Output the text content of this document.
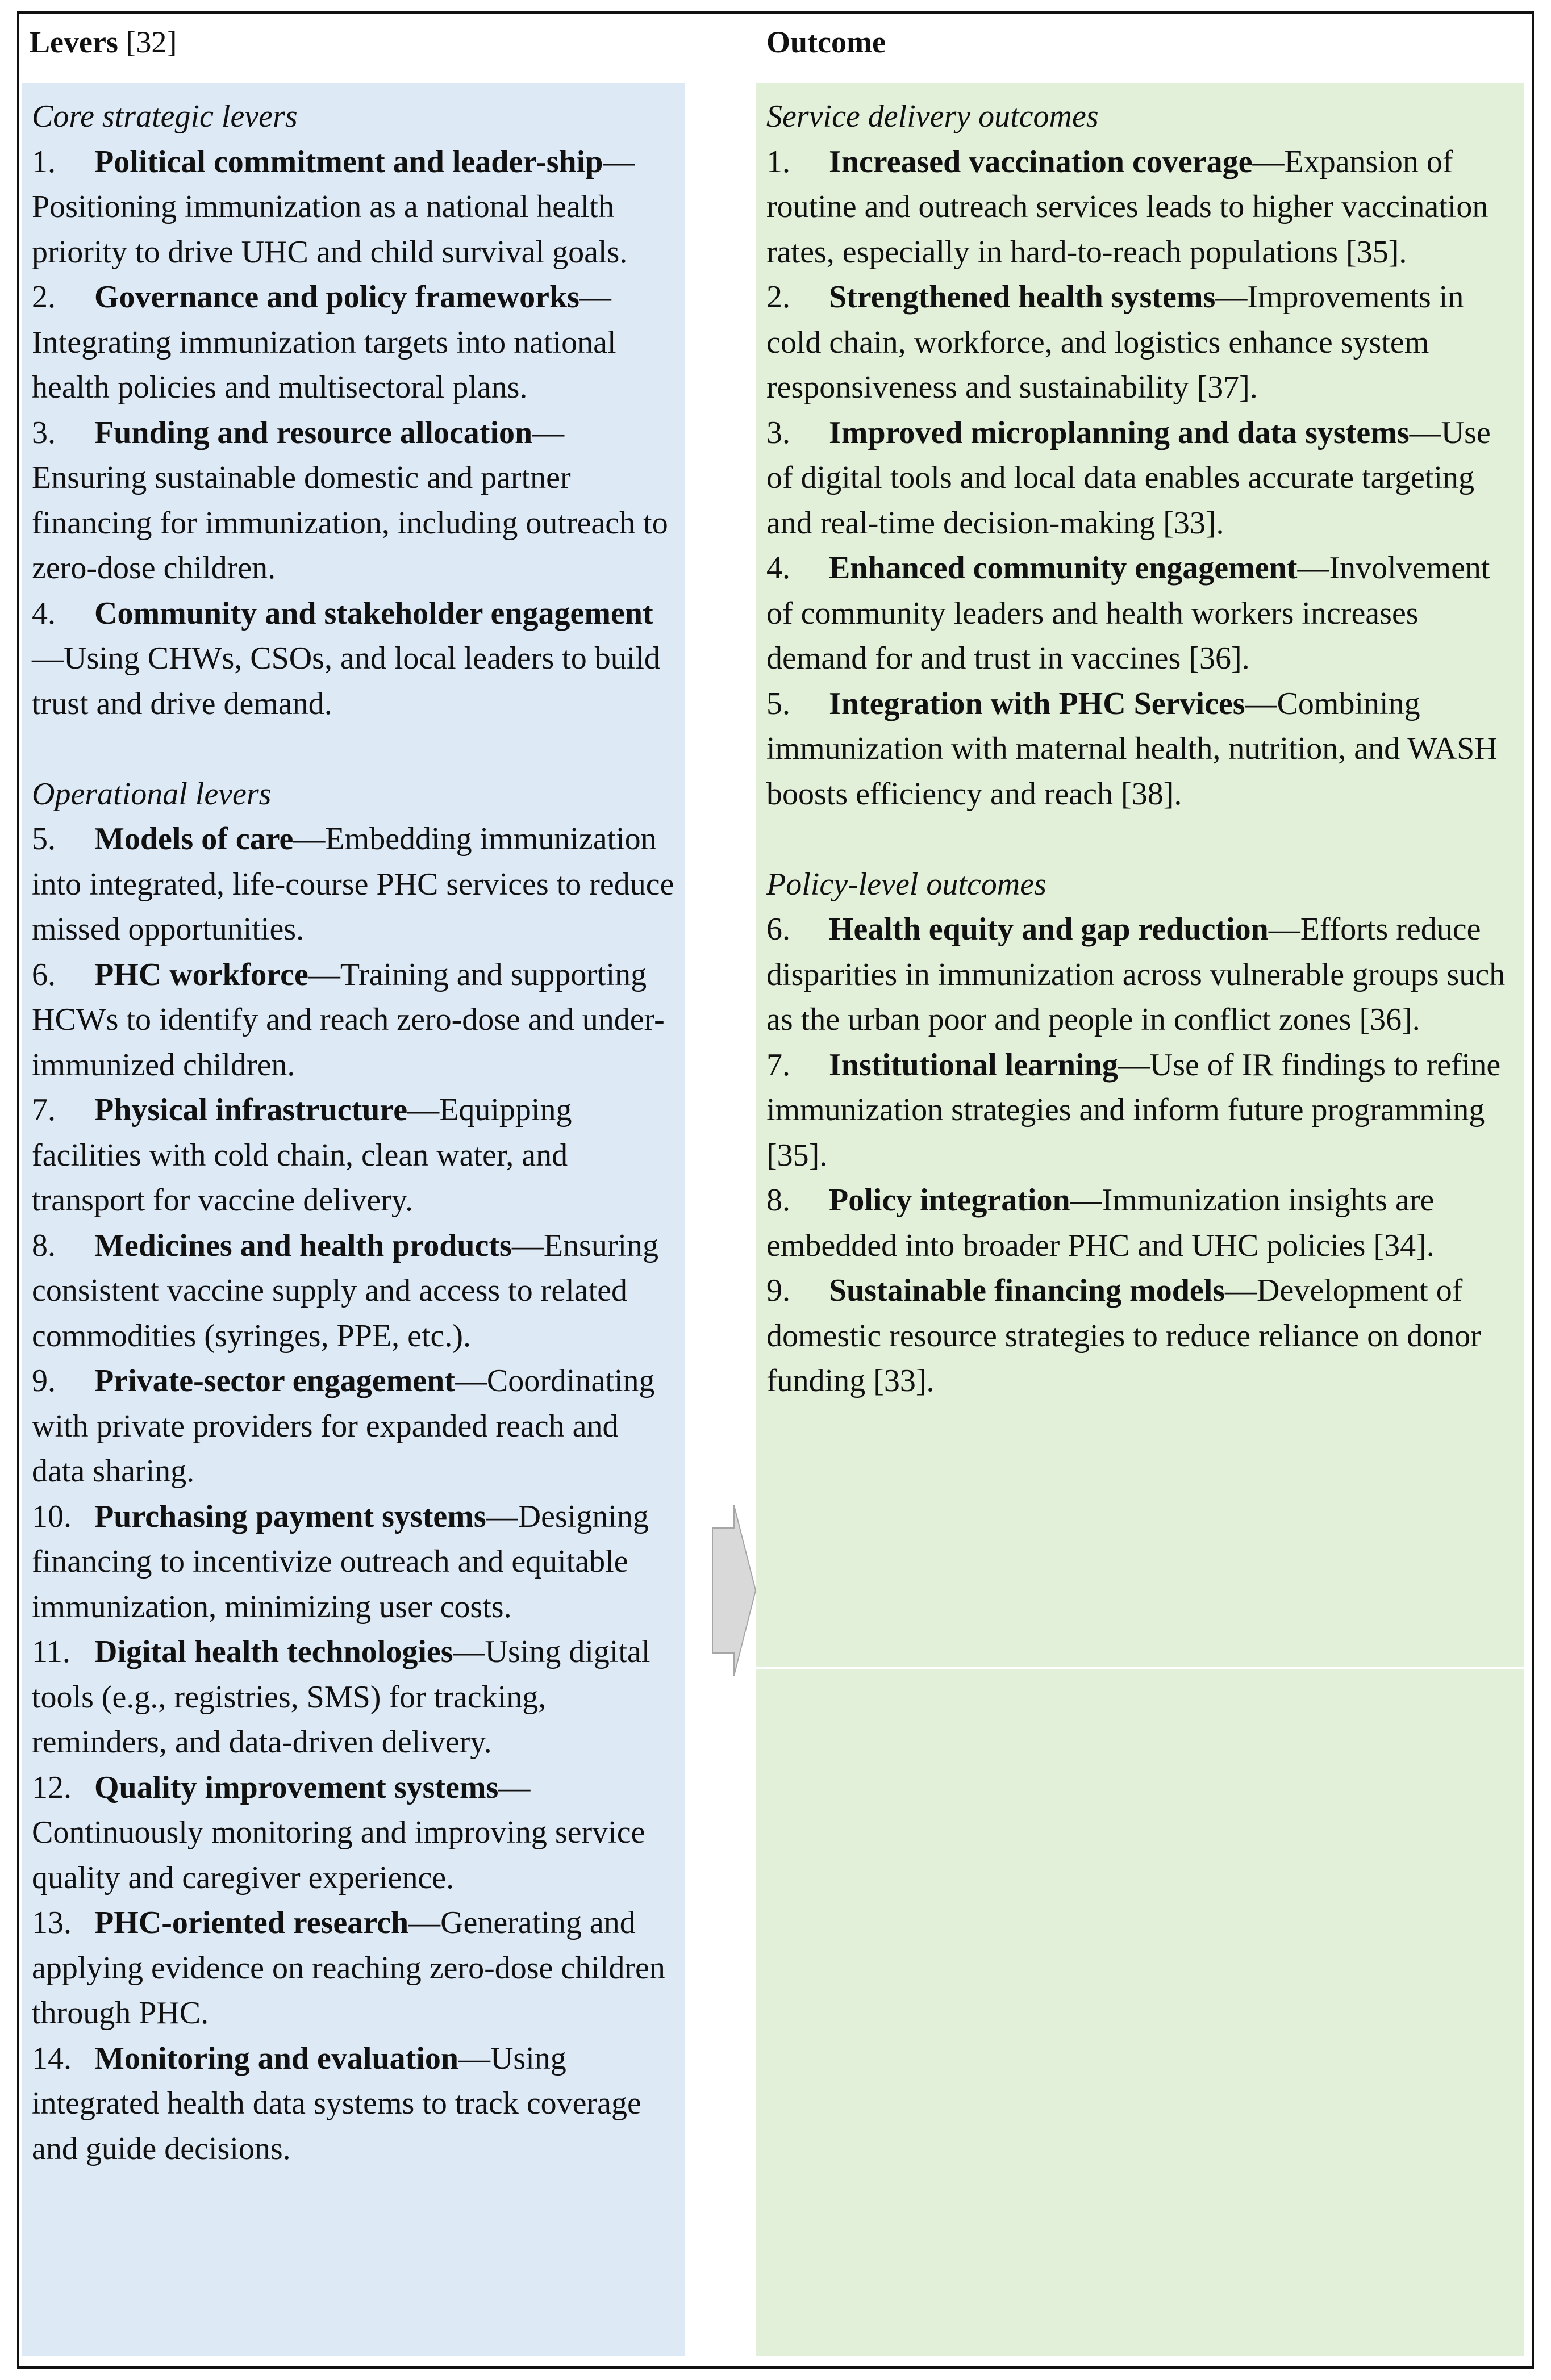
Levers [32]	Outcome
Core strategic levers
1. Political commitment and leader-ship—Positioning immunization as a national health priority to drive UHC and child survival goals.
2. Governance and policy frameworks—Integrating immunization targets into national health policies and multisectoral plans.
3. Funding and resource allocation—Ensuring sustainable domestic and partner financing for immunization, including outreach to zero-dose children.
4. Community and stakeholder engagement—Using CHWs, CSOs, and local leaders to build trust and drive demand.
Operational levers
5. Models of care—Embedding immunization into integrated, life-course PHC services to reduce missed opportunities.
6. PHC workforce—Training and supporting HCWs to identify and reach zero-dose and under-immunized children.
7. Physical infrastructure—Equipping facilities with cold chain, clean water, and transport for vaccine delivery.
8. Medicines and health products—Ensuring consistent vaccine supply and access to related commodities (syringes, PPE, etc.).
9. Private-sector engagement—Coordinating with private providers for expanded reach and data sharing.
10. Purchasing payment systems—Designing financing to incentivize outreach and equitable immunization, minimizing user costs.
11. Digital health technologies—Using digital tools (e.g., registries, SMS) for tracking, reminders, and data-driven delivery.
12. Quality improvement systems—Continuously monitoring and improving service quality and caregiver experience.
13. PHC-oriented research—Generating and applying evidence on reaching zero-dose children through PHC.
14. Monitoring and evaluation—Using integrated health data systems to track coverage and guide decisions.
Service delivery outcomes
1. Increased vaccination coverage—Expansion of routine and outreach services leads to higher vaccination rates, especially in hard-to-reach populations [35].
2. Strengthened health systems—Improvements in cold chain, workforce, and logistics enhance system responsiveness and sustainability [37].
3. Improved microplanning and data systems—Use of digital tools and local data enables accurate targeting and real-time decision-making [33].
4. Enhanced community engagement—Involvement of community leaders and health workers increases demand for and trust in vaccines [36].
5. Integration with PHC Services—Combining immunization with maternal health, nutrition, and WASH boosts efficiency and reach [38].
Policy-level outcomes
6. Health equity and gap reduction—Efforts reduce disparities in immunization across vulnerable groups such as the urban poor and people in conflict zones [36].
7. Institutional learning—Use of IR findings to refine immunization strategies and inform future programming [35].
8. Policy integration—Immunization insights are embedded into broader PHC and UHC policies [34].
9. Sustainable financing models—Development of domestic resource strategies to reduce reliance on donor funding [33].
